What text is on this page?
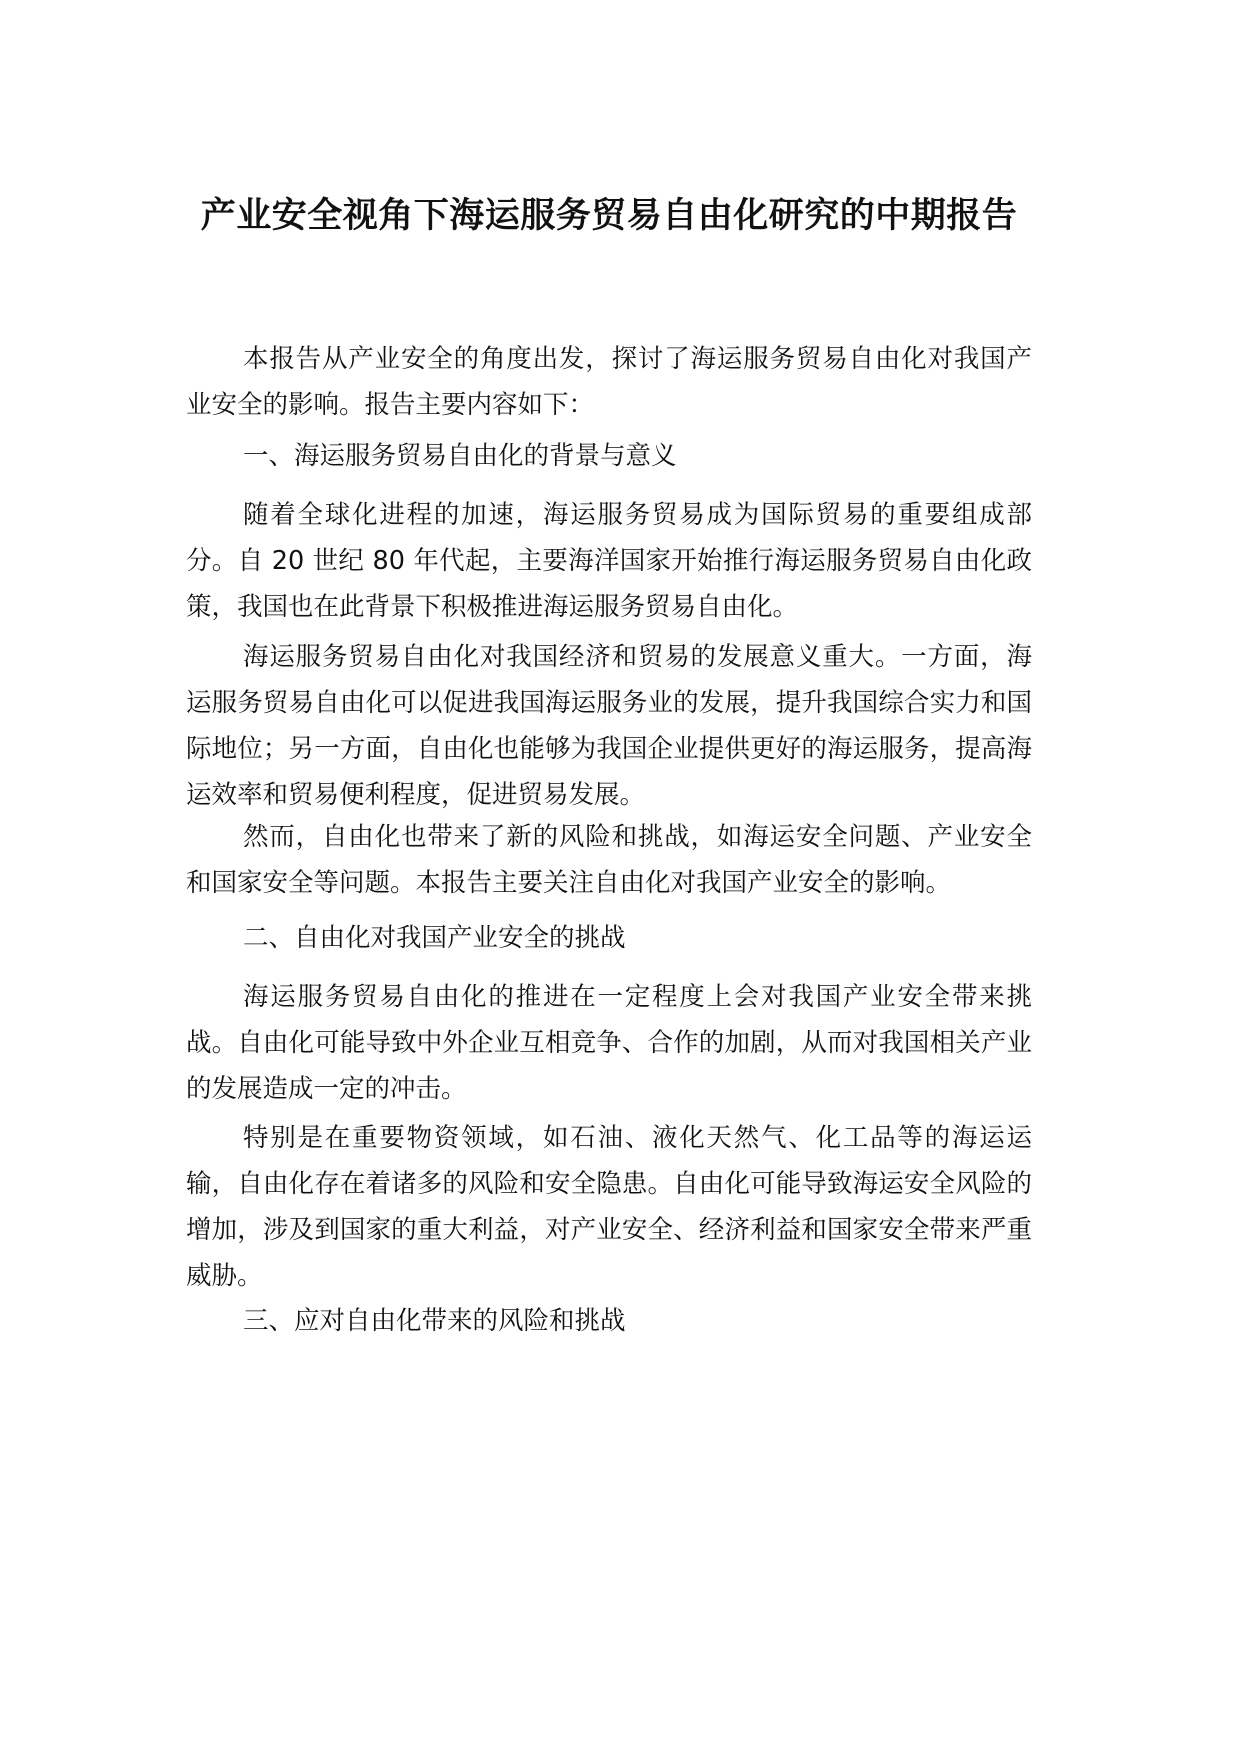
产业安全视角下海运服务贸易自由化研究的中期报告

本报告从产业安全的角度出发，探讨了海运服务贸易自由化对我国产业安全的影响。报告主要内容如下：

一、海运服务贸易自由化的背景与意义

随着全球化进程的加速，海运服务贸易成为国际贸易的重要组成部分。自 20 世纪 80 年代起，主要海洋国家开始推行海运服务贸易自由化政策，我国也在此背景下积极推进海运服务贸易自由化。

海运服务贸易自由化对我国经济和贸易的发展意义重大。一方面，海运服务贸易自由化可以促进我国海运服务业的发展，提升我国综合实力和国际地位；另一方面，自由化也能够为我国企业提供更好的海运服务，提高海运效率和贸易便利程度，促进贸易发展。

然而，自由化也带来了新的风险和挑战，如海运安全问题、产业安全和国家安全等问题。本报告主要关注自由化对我国产业安全的影响。

二、自由化对我国产业安全的挑战

海运服务贸易自由化的推进在一定程度上会对我国产业安全带来挑战。自由化可能导致中外企业互相竞争、合作的加剧，从而对我国相关产业的发展造成一定的冲击。

特别是在重要物资领域，如石油、液化天然气、化工品等的海运运输，自由化存在着诸多的风险和安全隐患。自由化可能导致海运安全风险的增加，涉及到国家的重大利益，对产业安全、经济利益和国家安全带来严重威胁。

三、应对自由化带来的风险和挑战
